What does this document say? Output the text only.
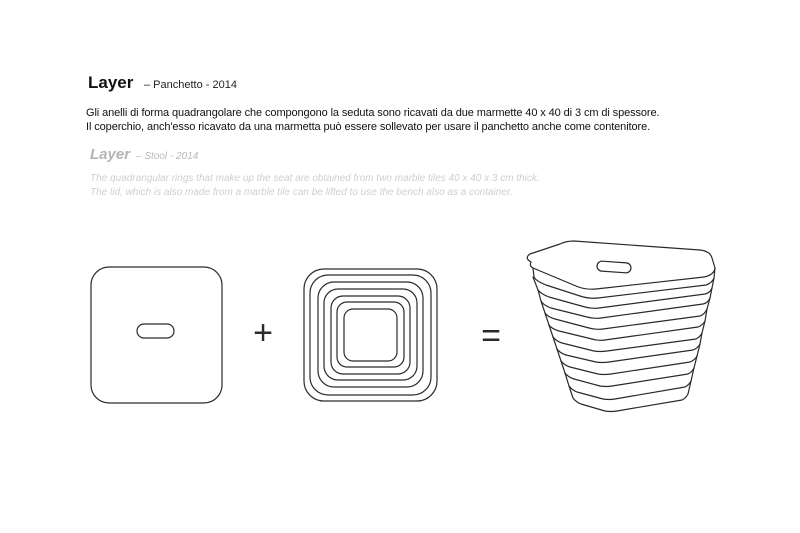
Layer – Panchetto - 2014
Gli anelli di forma quadrangolare che compongono la seduta sono ricavati da due marmette 40 x 40 di 3 cm di spessore.
Il coperchio, anch'esso ricavato da una marmetta può essere sollevato per usare il panchetto anche come contenitore.
Layer – Stool - 2014
The quadrangular rings that make up the seat are obtained from two marble tiles 40 x 40 x 3 cm thick.
The lid, which is also made from a marble tile can be lifted to use the bench also as a container.
+	=
